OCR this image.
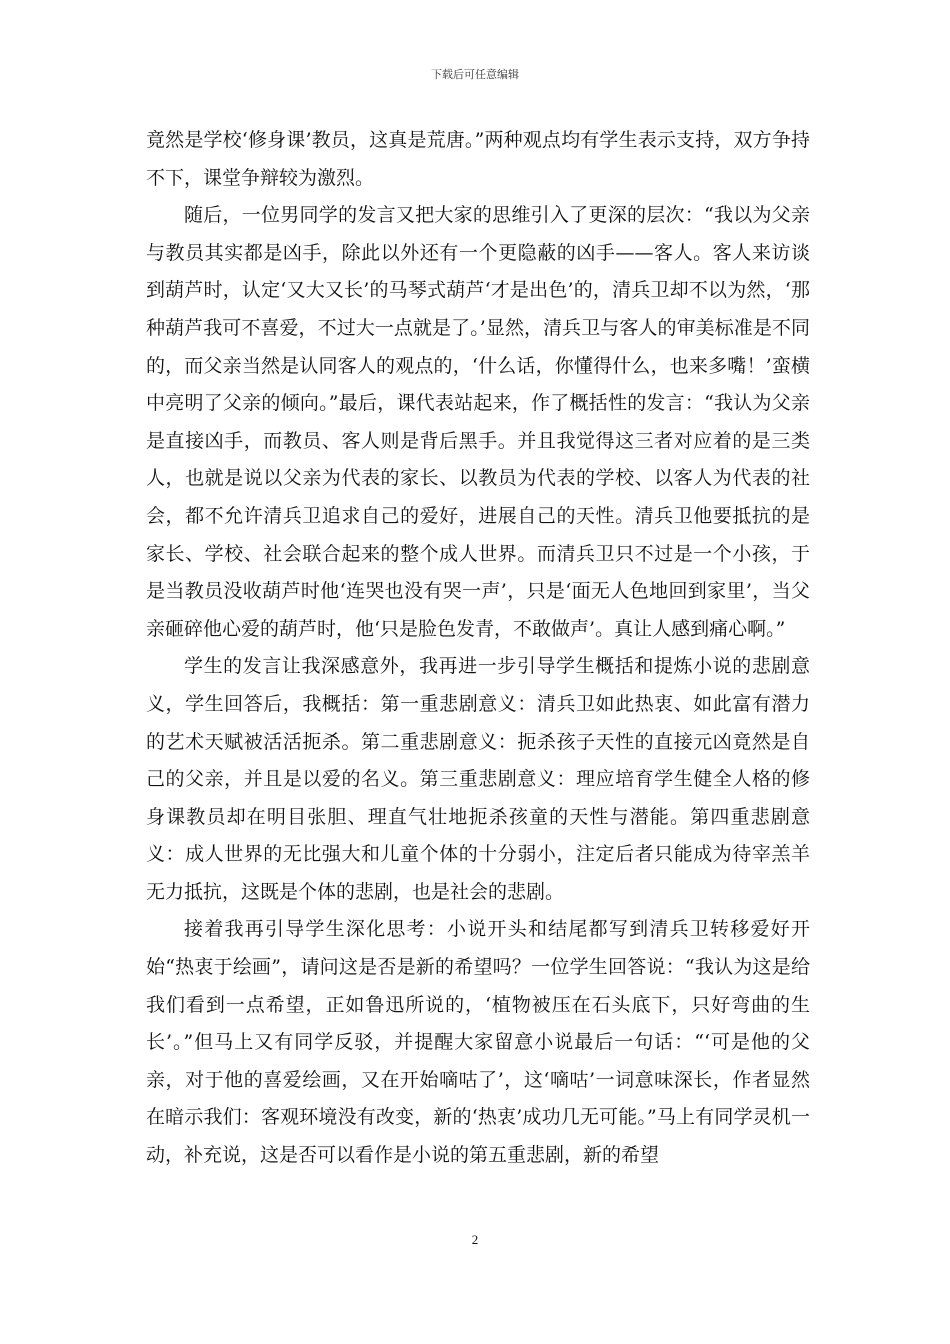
下载后可任意编辑

竟然是学校‘修身课’教员，这真是荒唐。”两种观点均有学生表示支持，双方争持不下，课堂争辩较为激烈。

随后，一位男同学的发言又把大家的思维引入了更深的层次：“我以为父亲与教员其实都是凶手，除此以外还有一个更隐蔽的凶手——客人。客人来访谈到葫芦时，认定‘又大又长’的马琴式葫芦‘才是出色’的，清兵卫却不以为然，‘那种葫芦我可不喜爱，不过大一点就是了。’显然，清兵卫与客人的审美标准是不同的，而父亲当然是认同客人的观点的，‘什么话，你懂得什么，也来多嘴！’蛮横中亮明了父亲的倾向。”最后，课代表站起来，作了概括性的发言：“我认为父亲是直接凶手，而教员、客人则是背后黑手。并且我觉得这三者对应着的是三类人，也就是说以父亲为代表的家长、以教员为代表的学校、以客人为代表的社会，都不允许清兵卫追求自己的爱好，进展自己的天性。清兵卫他要抵抗的是家长、学校、社会联合起来的整个成人世界。而清兵卫只不过是一个小孩，于是当教员没收葫芦时他‘连哭也没有哭一声’，只是‘面无人色地回到家里’，当父亲砸碎他心爱的葫芦时，他‘只是脸色发青，不敢做声’。真让人感到痛心啊。”

学生的发言让我深感意外，我再进一步引导学生概括和提炼小说的悲剧意义，学生回答后，我概括：第一重悲剧意义：清兵卫如此热衷、如此富有潜力的艺术天赋被活活扼杀。第二重悲剧意义：扼杀孩子天性的直接元凶竟然是自己的父亲，并且是以爱的名义。第三重悲剧意义：理应培育学生健全人格的修身课教员却在明目张胆、理直气壮地扼杀孩童的天性与潜能。第四重悲剧意义：成人世界的无比强大和儿童个体的十分弱小，注定后者只能成为待宰羔羊无力抵抗，这既是个体的悲剧，也是社会的悲剧。

接着我再引导学生深化思考：小说开头和结尾都写到清兵卫转移爱好开始“热衷于绘画”，请问这是否是新的希望吗？一位学生回答说：“我认为这是给我们看到一点希望，正如鲁迅所说的，‘植物被压在石头底下，只好弯曲的生长’。”但马上又有同学反驳，并提醒大家留意小说最后一句话：“‘可是他的父亲，对于他的喜爱绘画，又在开始嘀咕了’，这‘嘀咕’一词意味深长，作者显然在暗示我们：客观环境没有改变，新的‘热衷’成功几无可能。”马上有同学灵机一动，补充说，这是否可以看作是小说的第五重悲剧，新的希望

2
